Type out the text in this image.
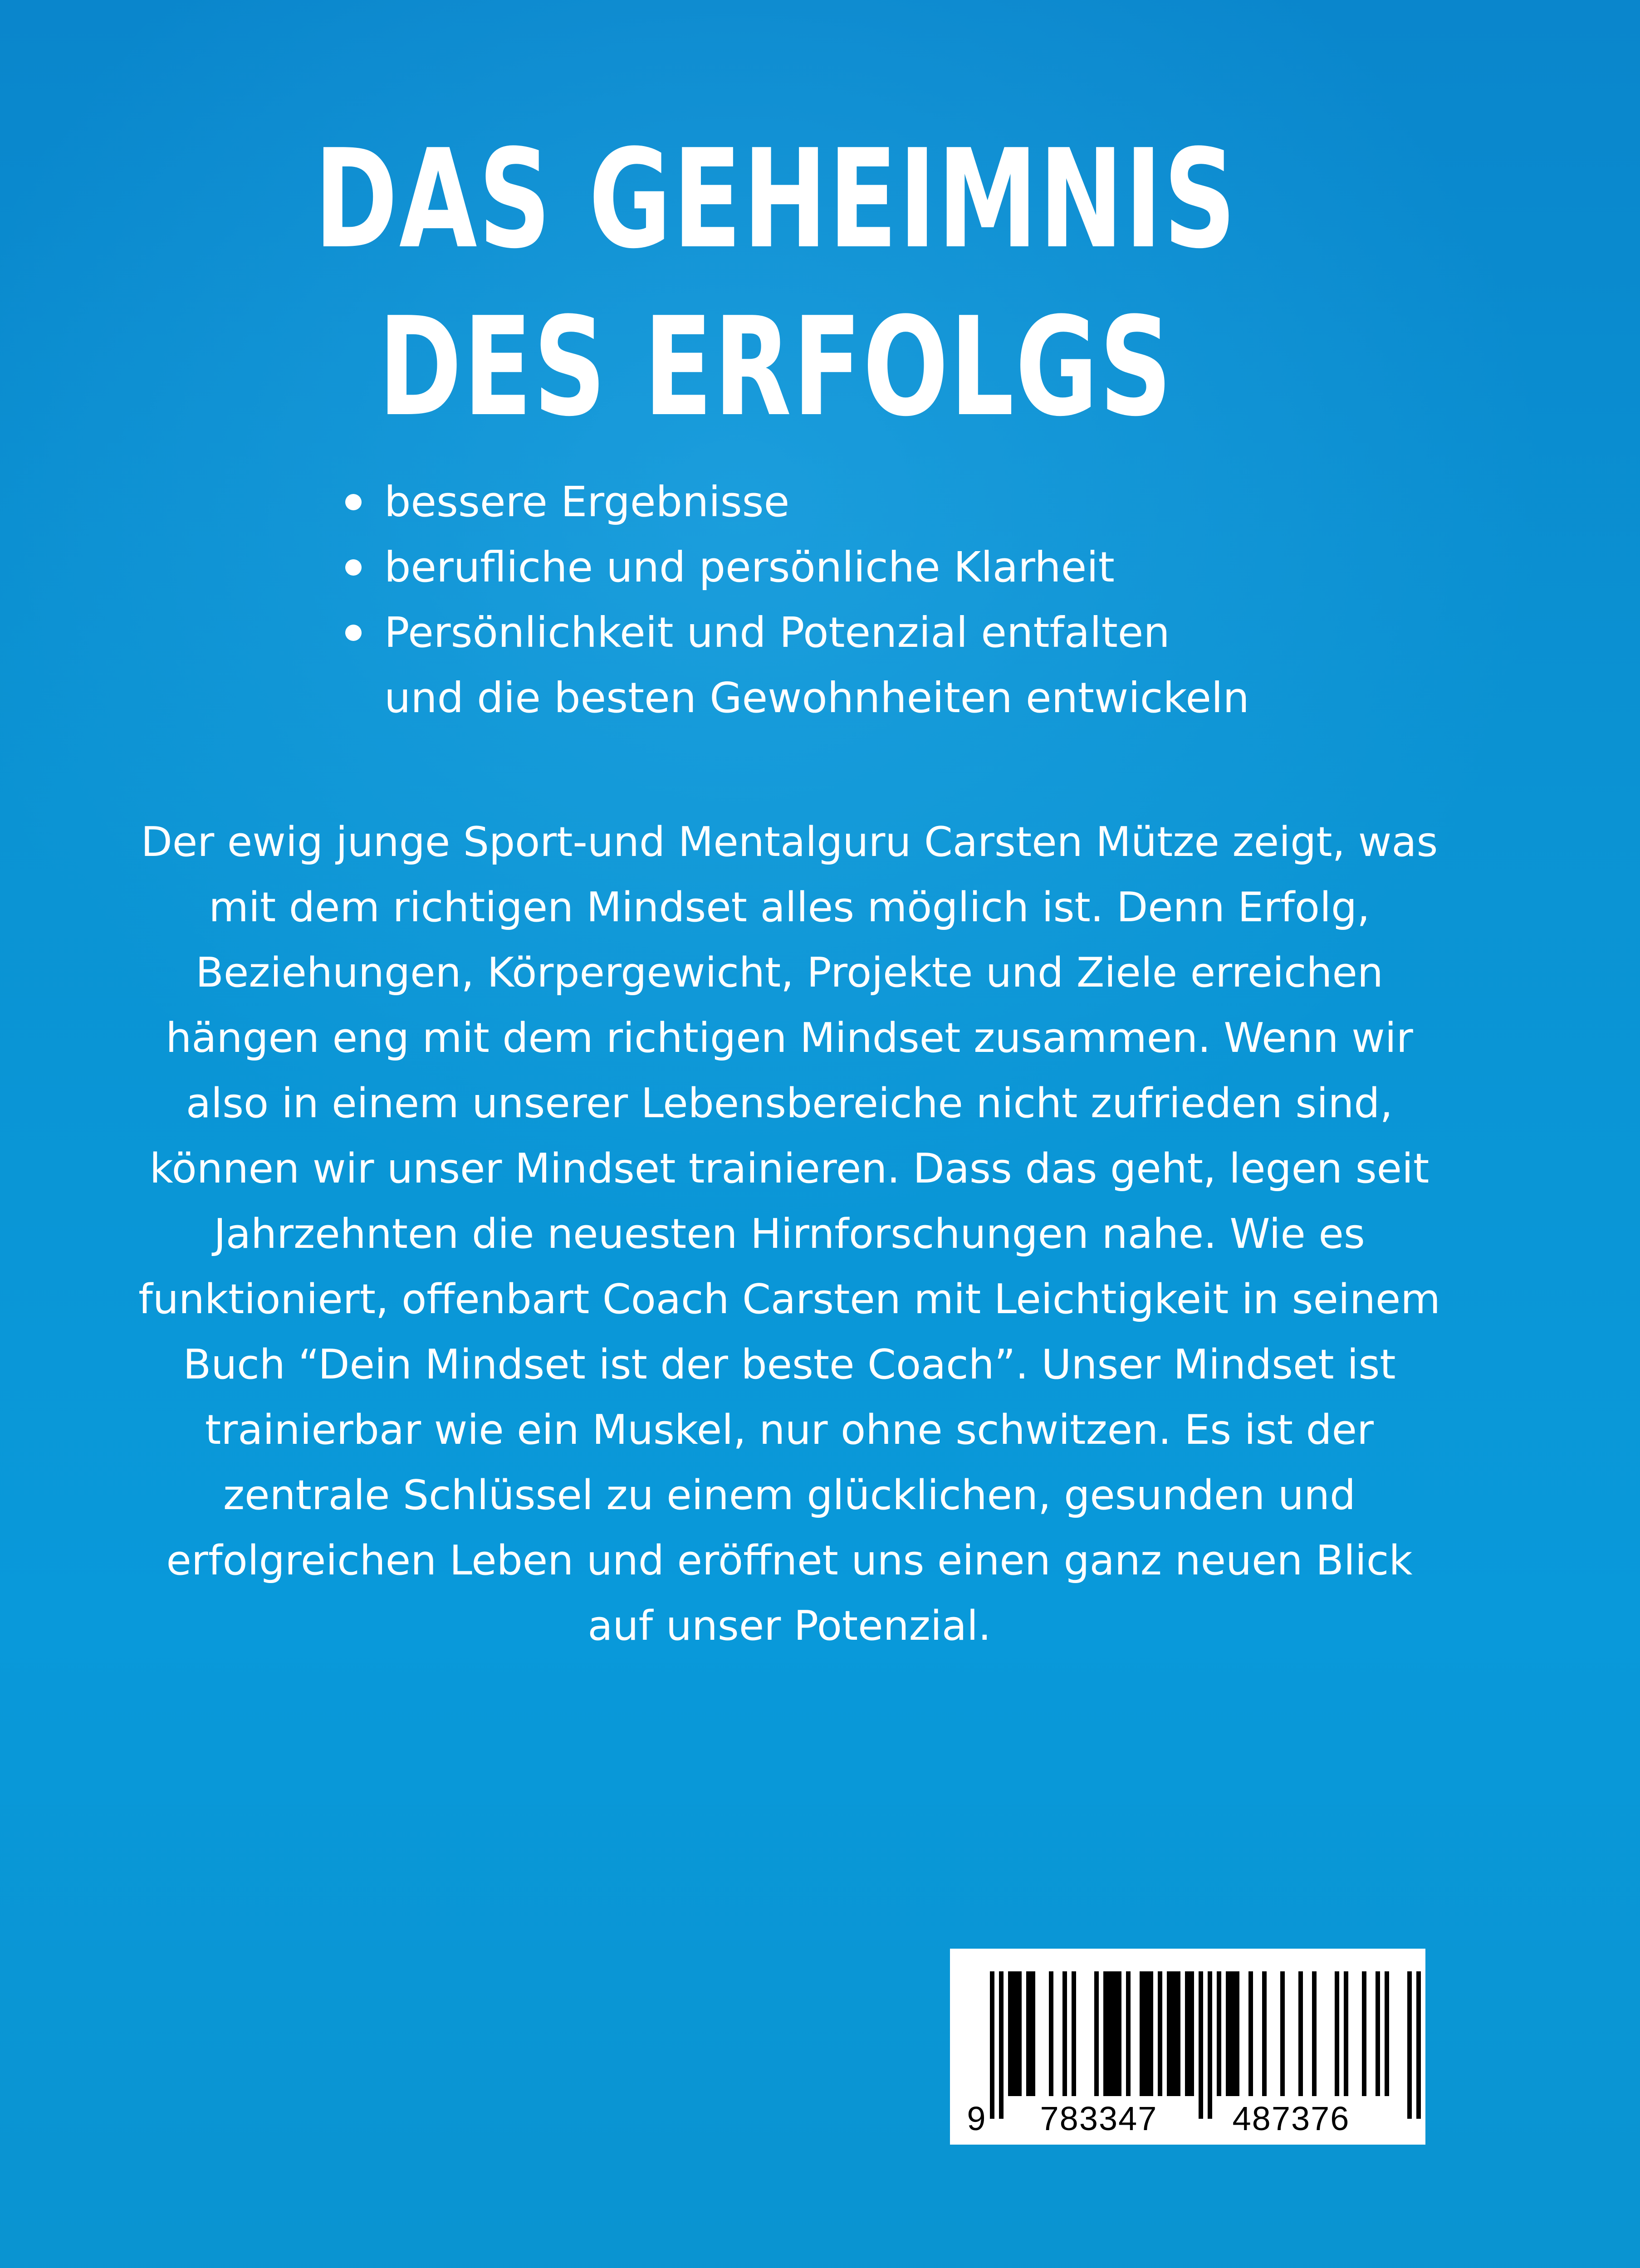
DAS GEHEIMNIS
DES ERFOLGS
bessere Ergebnisse
berufliche und persönliche Klarheit
Persönlichkeit und Potenzial entfalten
und die besten Gewohnheiten entwickeln

Der ewig junge Sport-und Mentalguru Carsten Mütze zeigt, was
mit dem richtigen Mindset alles möglich ist. Denn Erfolg,
Beziehungen, Körpergewicht, Projekte und Ziele erreichen
hängen eng mit dem richtigen Mindset zusammen. Wenn wir
also in einem unserer Lebensbereiche nicht zufrieden sind,
können wir unser Mindset trainieren. Dass das geht, legen seit
Jahrzehnten die neuesten Hirnforschungen nahe. Wie es
funktioniert, offenbart Coach Carsten mit Leichtigkeit in seinem
Buch “Dein Mindset ist der beste Coach”. Unser Mindset ist
trainierbar wie ein Muskel, nur ohne schwitzen. Es ist der
zentrale Schlüssel zu einem glücklichen, gesunden und
erfolgreichen Leben und eröffnet uns einen ganz neuen Blick
auf unser Potenzial.

9 783347 487376
